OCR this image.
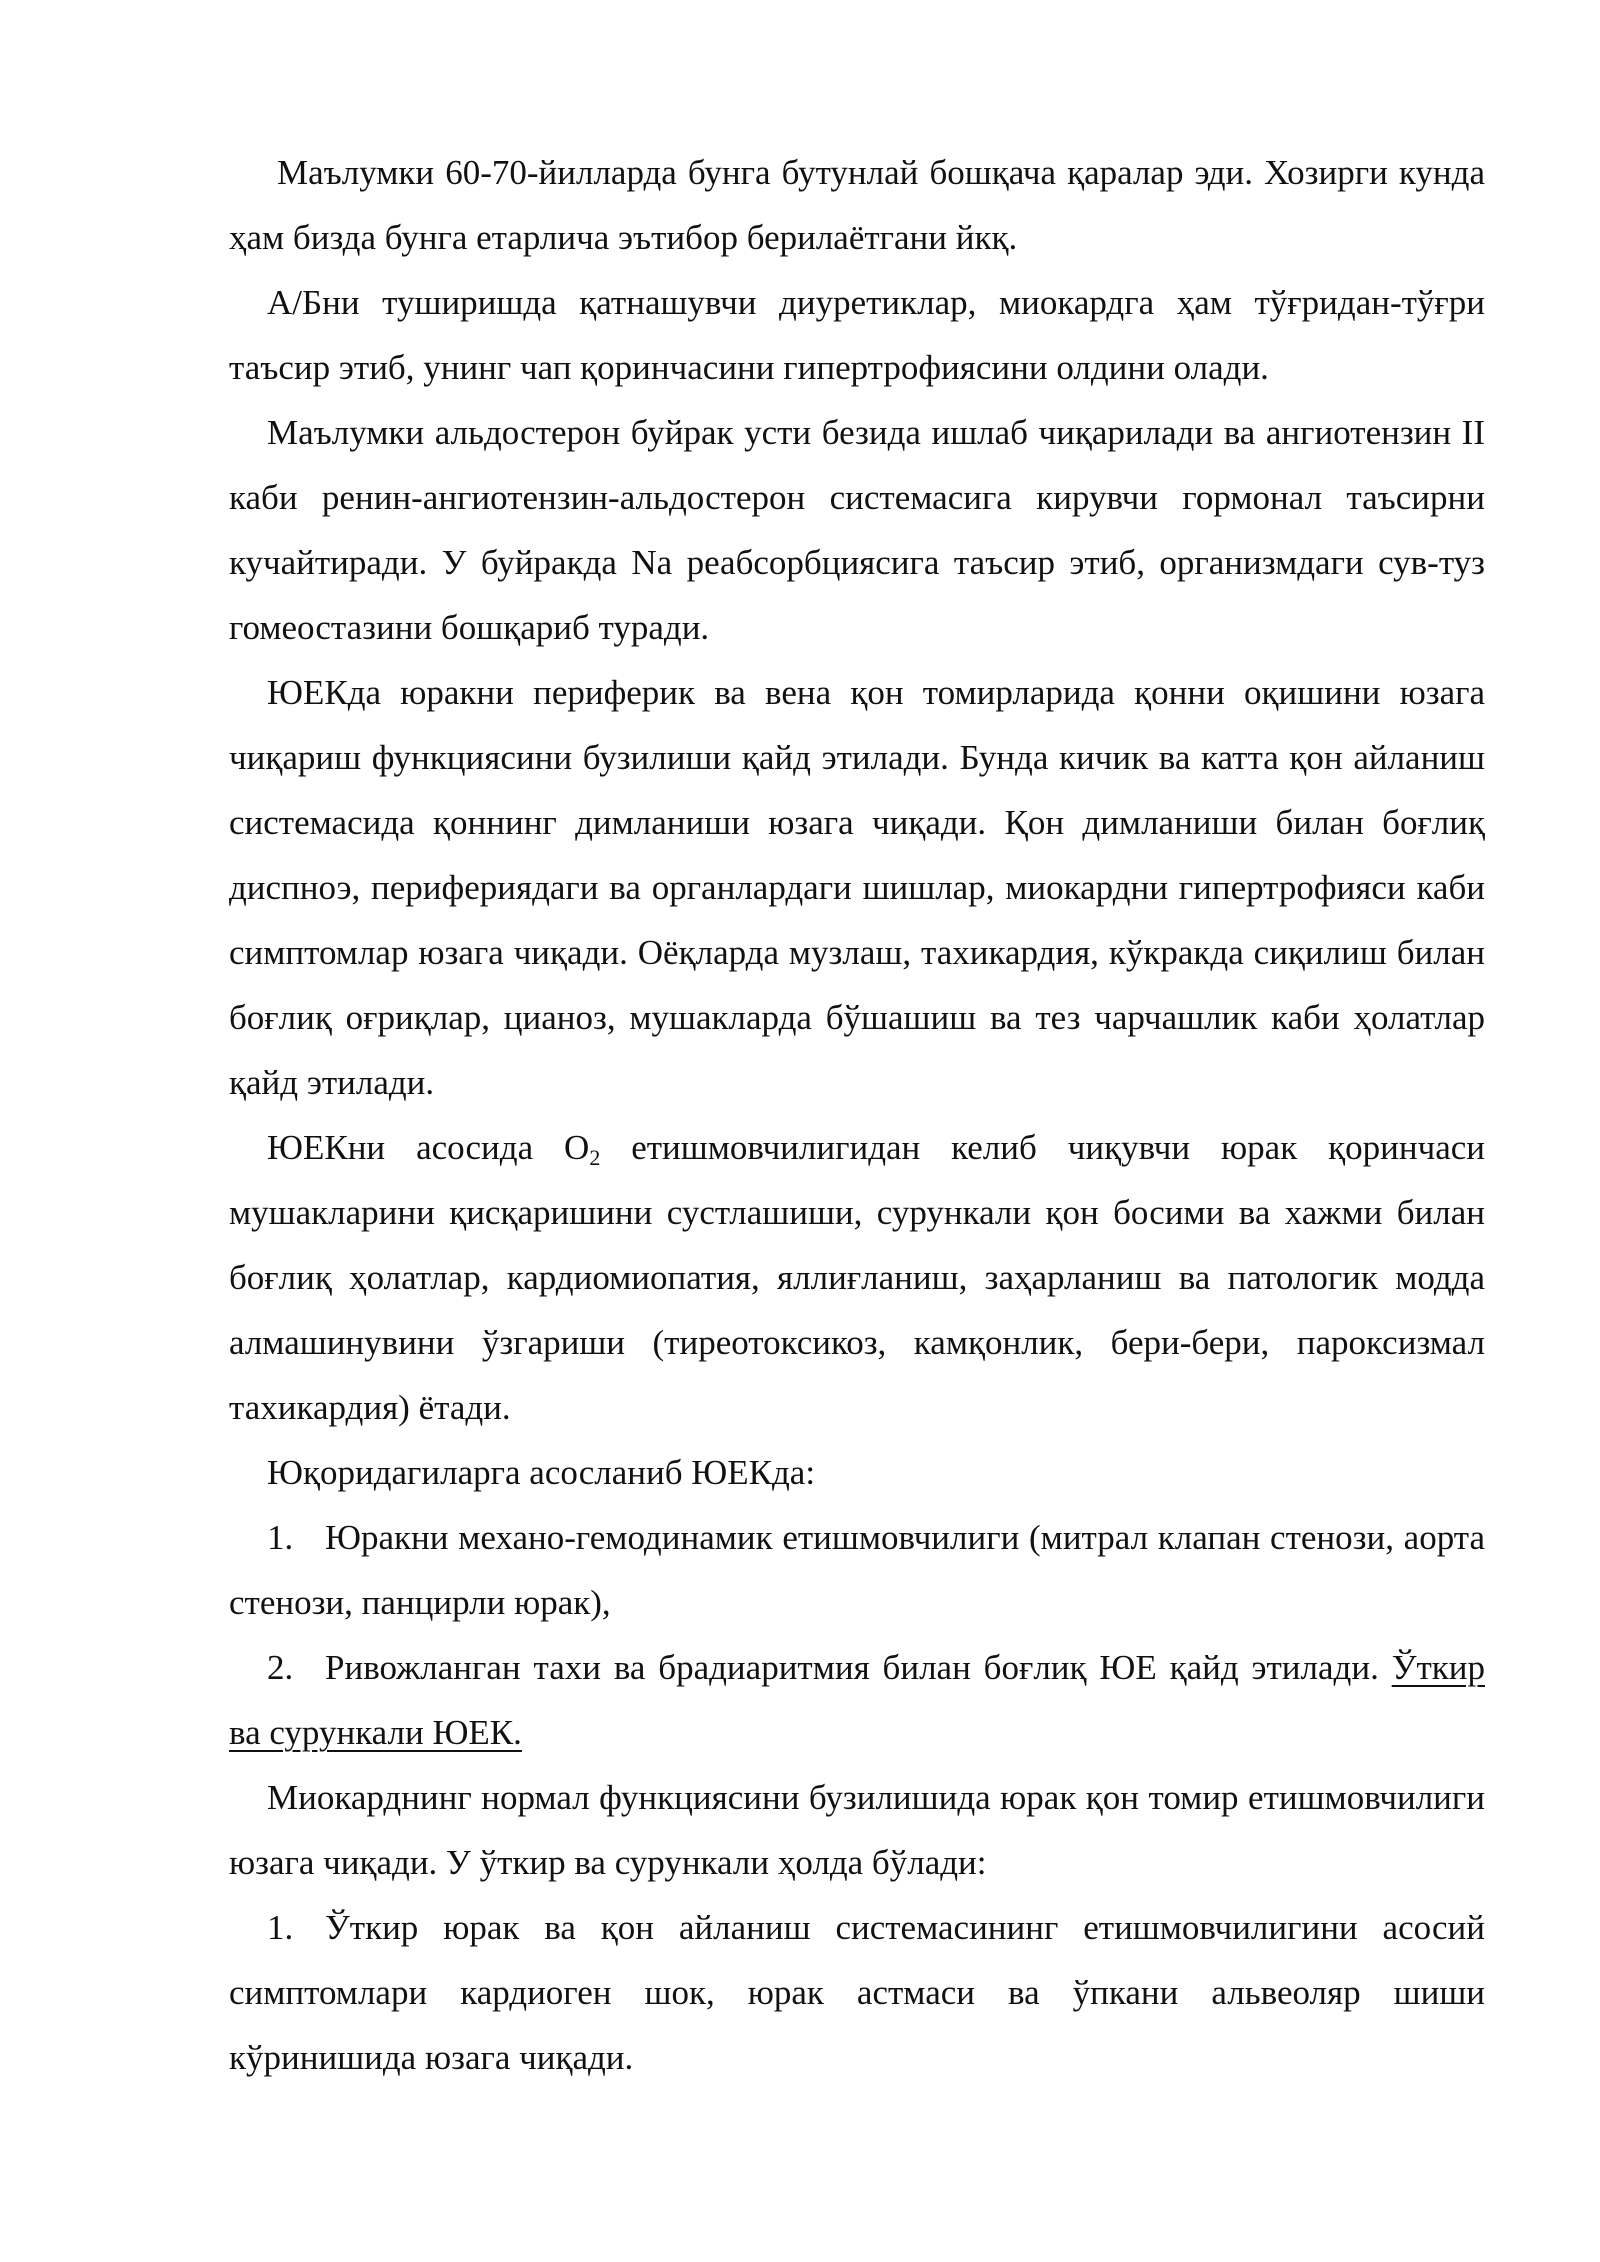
Маълумки 60-70-йилларда бунга бутунлай бошқача қаралар эди. Хозирги кунда ҳам бизда бунга етарлича эътибор берилаётгани йкқ.

А/Бни туширишда қатнашувчи диуретиклар, миокардга ҳам тўғридан-тўғри таъсир этиб, унинг чап қоринчасини гипертрофиясини олдини олади.

Маълумки альдостерон буйрак усти безида ишлаб чиқарилади ва ангиотензин II каби ренин-ангиотензин-альдостерон системасига кирувчи гормонал таъсирни кучайтиради. У буйракда Na реабсорбциясига таъсир этиб, организмдаги сув-туз гомеостазини бошқариб туради.

ЮЕКда юракни периферик ва вена қон томирларида қонни оқишини юзага чиқариш функциясини бузилиши қайд этилади. Бунда кичик ва катта қон айланиш системасида қоннинг димланиши юзага чиқади. Қон димланиши билан боғлиқ диспноэ, перифериядаги ва органлардаги шишлар, миокардни гипертрофияси каби симптомлар юзага чиқади. Оёқларда музлаш, тахикардия, кўкракда сиқилиш билан боғлиқ оғриқлар, цианоз, мушакларда бўшашиш ва тез чарчашлик каби ҳолатлар қайд этилади.

ЮЕКни асосида $О_2$ етишмовчилигидан келиб чиқувчи юрак қоринчаси мушакларини қисқаришини сустлашиши, сурункали қон босими ва хажми билан боғлиқ ҳолатлар, кардиомиопатия, яллиғланиш, заҳарланиш ва патологик модда алмашинувини ўзгариши (тиреотоксикоз, камқонлик, бери-бери, пароксизмал тахикардия) ётади.

Юқоридагиларга асосланиб ЮЕКда:

1. Юракни механо-гемодинамик етишмовчилиги (митрал клапан стенози, аорта стенози, панцирли юрак),

2. Ривожланган тахи ва брадиаритмия билан боғлиқ ЮЕ қайд этилади. Ўткир ва сурункали ЮЕК.

Миокарднинг нормал функциясини бузилишида юрак қон томир етишмовчилиги юзага чиқади. У ўткир ва сурункали ҳолда бўлади:

1. Ўткир юрак ва қон айланиш системасининг етишмовчилигини асосий симптомлари кардиоген шок, юрак астмаси ва ўпкани альвеоляр шиши кўринишида юзага чиқади.
